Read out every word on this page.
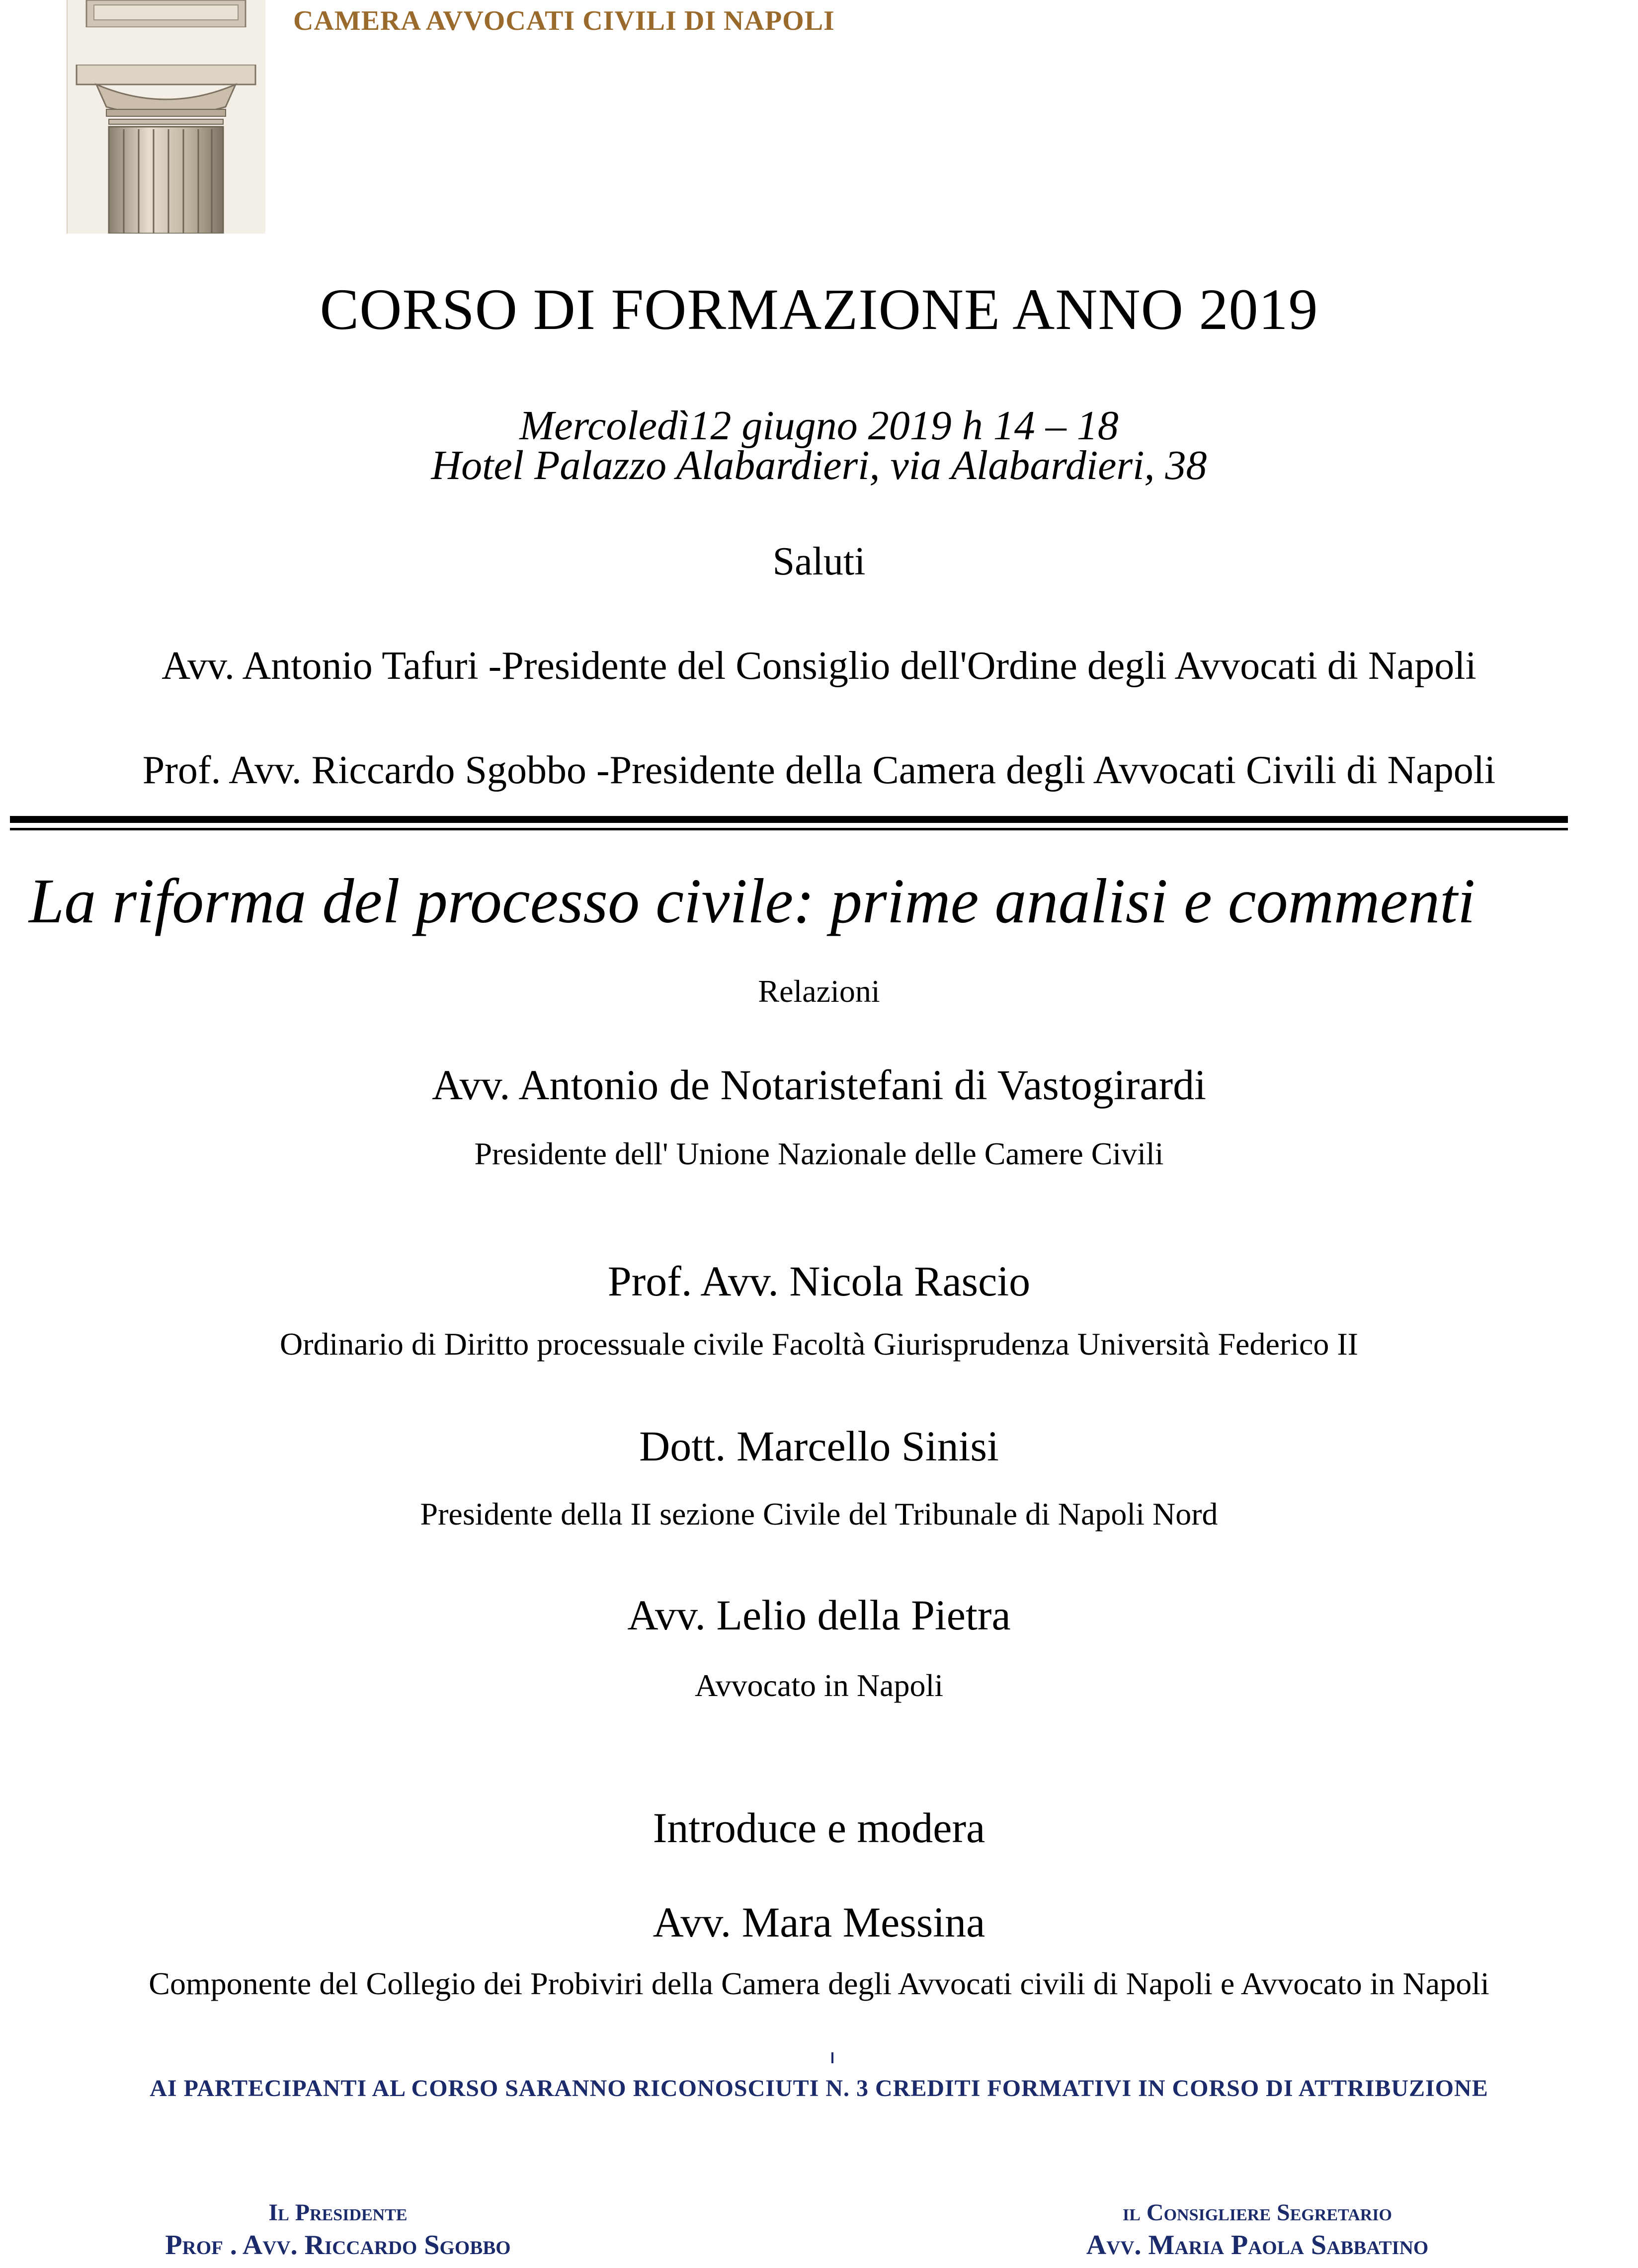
CAMERA AVVOCATI CIVILI DI NAPOLI
CORSO DI FORMAZIONE ANNO 2019
Mercoledì12 giugno 2019 h 14 – 18
Hotel Palazzo Alabardieri, via Alabardieri, 38
Saluti
Avv. Antonio Tafuri -Presidente del Consiglio dell'Ordine degli Avvocati di Napoli
Prof. Avv. Riccardo Sgobbo -Presidente della Camera degli Avvocati Civili di Napoli
La riforma del processo civile: prime analisi e commenti
Relazioni
Avv. Antonio de Notaristefani di Vastogirardi
Presidente dell' Unione Nazionale delle Camere Civili
Prof. Avv. Nicola Rascio
Ordinario di Diritto processuale civile Facoltà Giurisprudenza Università Federico II
Dott. Marcello Sinisi
Presidente della II sezione Civile del Tribunale di Napoli Nord
Avv. Lelio della Pietra
Avvocato in Napoli
Introduce e modera
Avv. Mara Messina
Componente del Collegio dei Probiviri della Camera degli Avvocati civili di Napoli e Avvocato in Napoli
AI PARTECIPANTI AL CORSO SARANNO RICONOSCIUTI N. 3 CREDITI FORMATIVI IN CORSO DI ATTRIBUZIONE
Il Presidente
Prof . Avv. Riccardo Sgobbo
il Consigliere Segretario
Avv. Maria Paola Sabbatino
